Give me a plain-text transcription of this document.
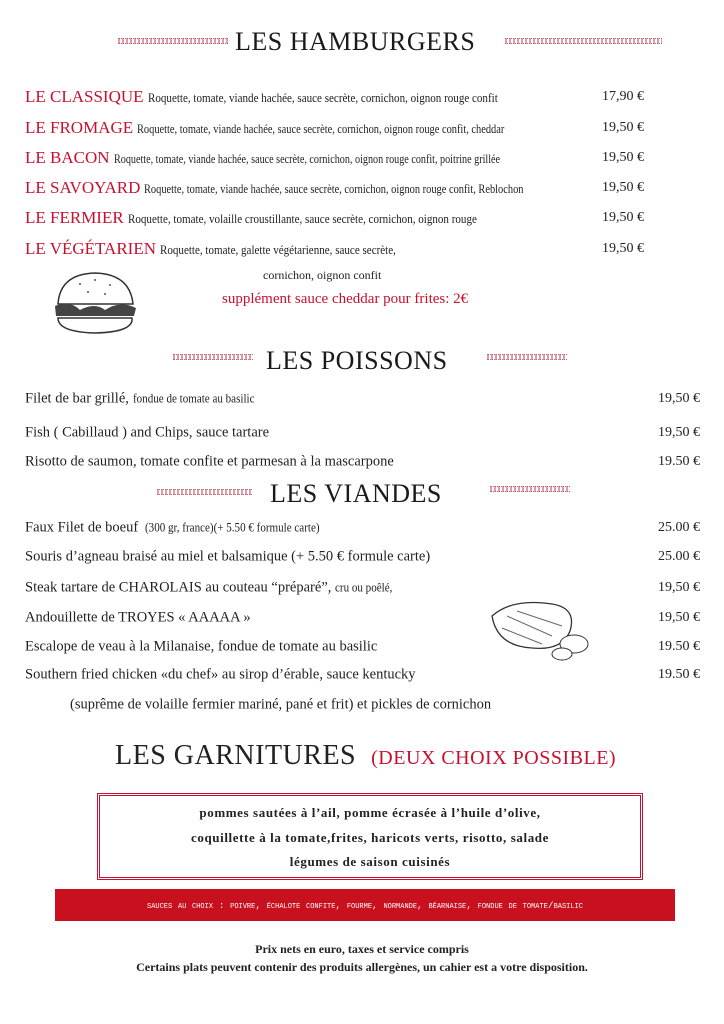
LES HAMBURGERS
LE CLASSIQUE Roquette, tomate, viande hachée, sauce secrète, cornichon, oignon rouge confit	17,90 €
LE FROMAGE Roquette, tomate, viande hachée, sauce secrète, cornichon, oignon rouge confit, cheddar	19,50 €
LE BACON Roquette, tomate, viande hachée, sauce secrète, cornichon, oignon rouge confit, poitrine grillée	19,50 €
LE SAVOYARD Roquette, tomate, viande hachée, sauce secrète, cornichon, oignon rouge confit, Reblochon	19,50 €
LE FERMIER Roquette, tomate, volaille croustillante, sauce secrète, cornichon, oignon rouge	19,50 €
LE VÉGÉTARIEN Roquette, tomate, galette végétarienne, sauce secrète,	19,50 €
cornichon, oignon confit
supplément sauce cheddar pour frites: 2€
LES POISSONS
Filet de bar grillé, fondue de tomate au basilic	19,50 €
Fish ( Cabillaud ) and Chips, sauce tartare	19,50 €
Risotto de saumon, tomate confite et parmesan à la mascarpone	19.50 €
LES VIANDES
Faux Filet de boeuf (300 gr, france)(+ 5.50 € formule carte)	25.00 €
Souris d’agneau braisé au miel et balsamique (+ 5.50 € formule carte)	25.00 €
Steak tartare de CHAROLAIS au couteau “préparé”, cru ou poêlé,	19,50 €
Andouillette de TROYES « AAAAA »	19,50 €
Escalope de veau à la Milanaise, fondue de tomate au basilic	19.50 €
Southern fried chicken «du chef» au sirop d’érable, sauce kentucky	19.50 €
(suprême de volaille fermier mariné, pané et frit) et pickles de cornichon
LES GARNITURES (DEUX CHOIX POSSIBLE)
pommes sautées à l’ail, pomme écrasée à l’huile d’olive,
coquillette à la tomate,frites, haricots verts, risotto, salade
légumes de saison cuisinés
sauces au choix : poivre, échalote confite, fourme, normande, béarnaise, fondue de tomate/basilic
Prix nets en euro, taxes et service compris
Certains plats peuvent contenir des produits allergènes, un cahier est a votre disposition.
